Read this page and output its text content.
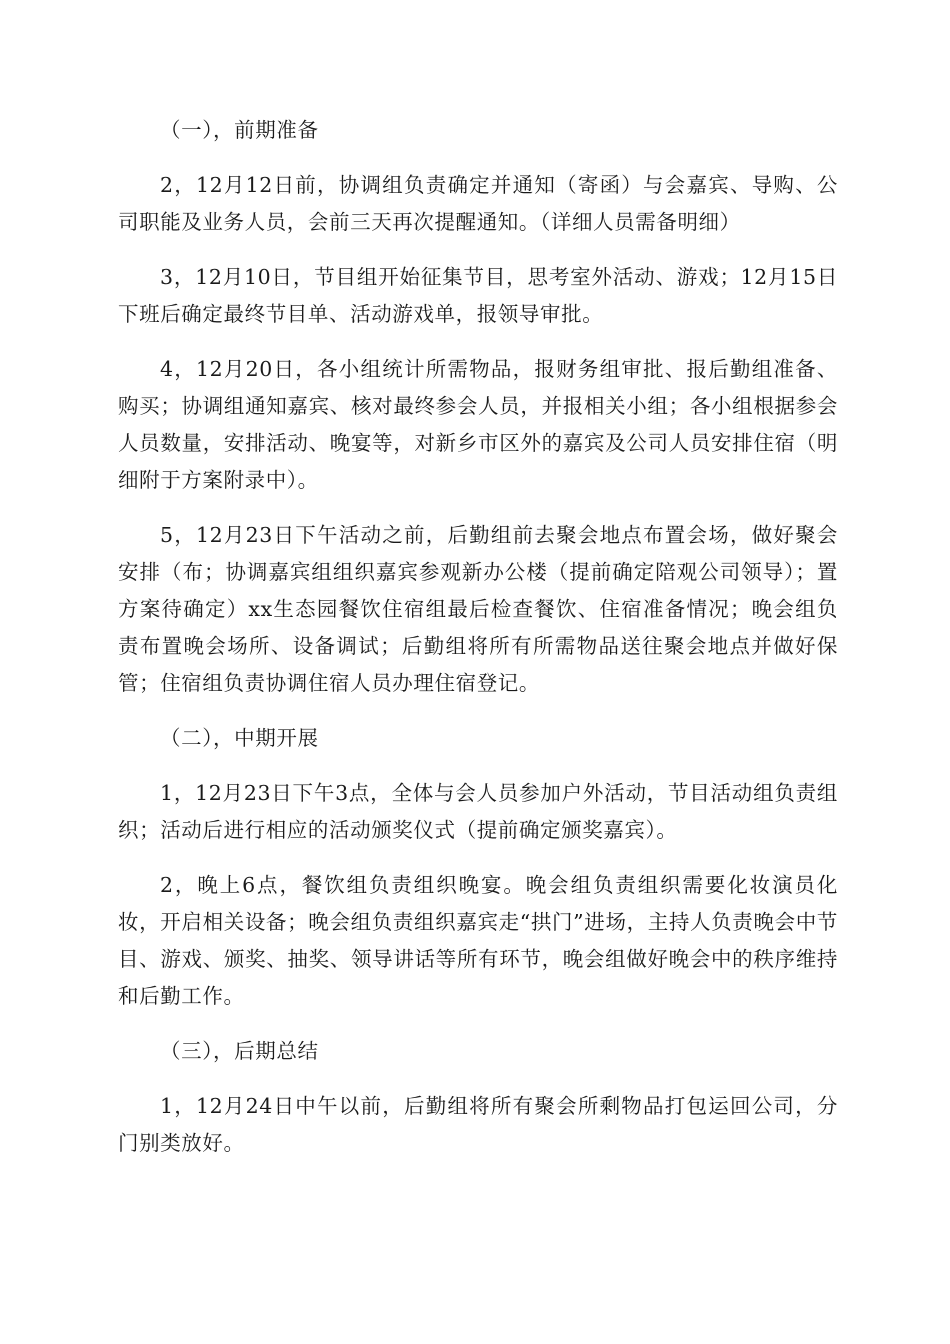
（一），前期准备

2，12月12日前，协调组负责确定并通知（寄函）与会嘉宾、导购、公司职能及业务人员，会前三天再次提醒通知。（详细人员需备明细）

3，12月10日，节目组开始征集节目，思考室外活动、游戏；12月15日下班后确定最终节目单、活动游戏单，报领导审批。

4，12月20日，各小组统计所需物品，报财务组审批、报后勤组准备、购买；协调组通知嘉宾、核对最终参会人员，并报相关小组；各小组根据参会人员数量，安排活动、晚宴等，对新乡市区外的嘉宾及公司人员安排住宿（明细附于方案附录中）。

5，12月23日下午活动之前，后勤组前去聚会地点布置会场，做好聚会安排（布；协调嘉宾组组织嘉宾参观新办公楼（提前确定陪观公司领导）；置方案待确定）xx生态园餐饮住宿组最后检查餐饮、住宿准备情况；晚会组负责布置晚会场所、设备调试；后勤组将所有所需物品送往聚会地点并做好保管；住宿组负责协调住宿人员办理住宿登记。

（二），中期开展

1，12月23日下午3点，全体与会人员参加户外活动，节目活动组负责组织；活动后进行相应的活动颁奖仪式（提前确定颁奖嘉宾）。

2，晚上6点，餐饮组负责组织晚宴。晚会组负责组织需要化妆演员化妆，开启相关设备；晚会组负责组织嘉宾走“拱门”进场，主持人负责晚会中节目、游戏、颁奖、抽奖、领导讲话等所有环节，晚会组做好晚会中的秩序维持和后勤工作。

（三），后期总结

1，12月24日中午以前，后勤组将所有聚会所剩物品打包运回公司，分门别类放好。
